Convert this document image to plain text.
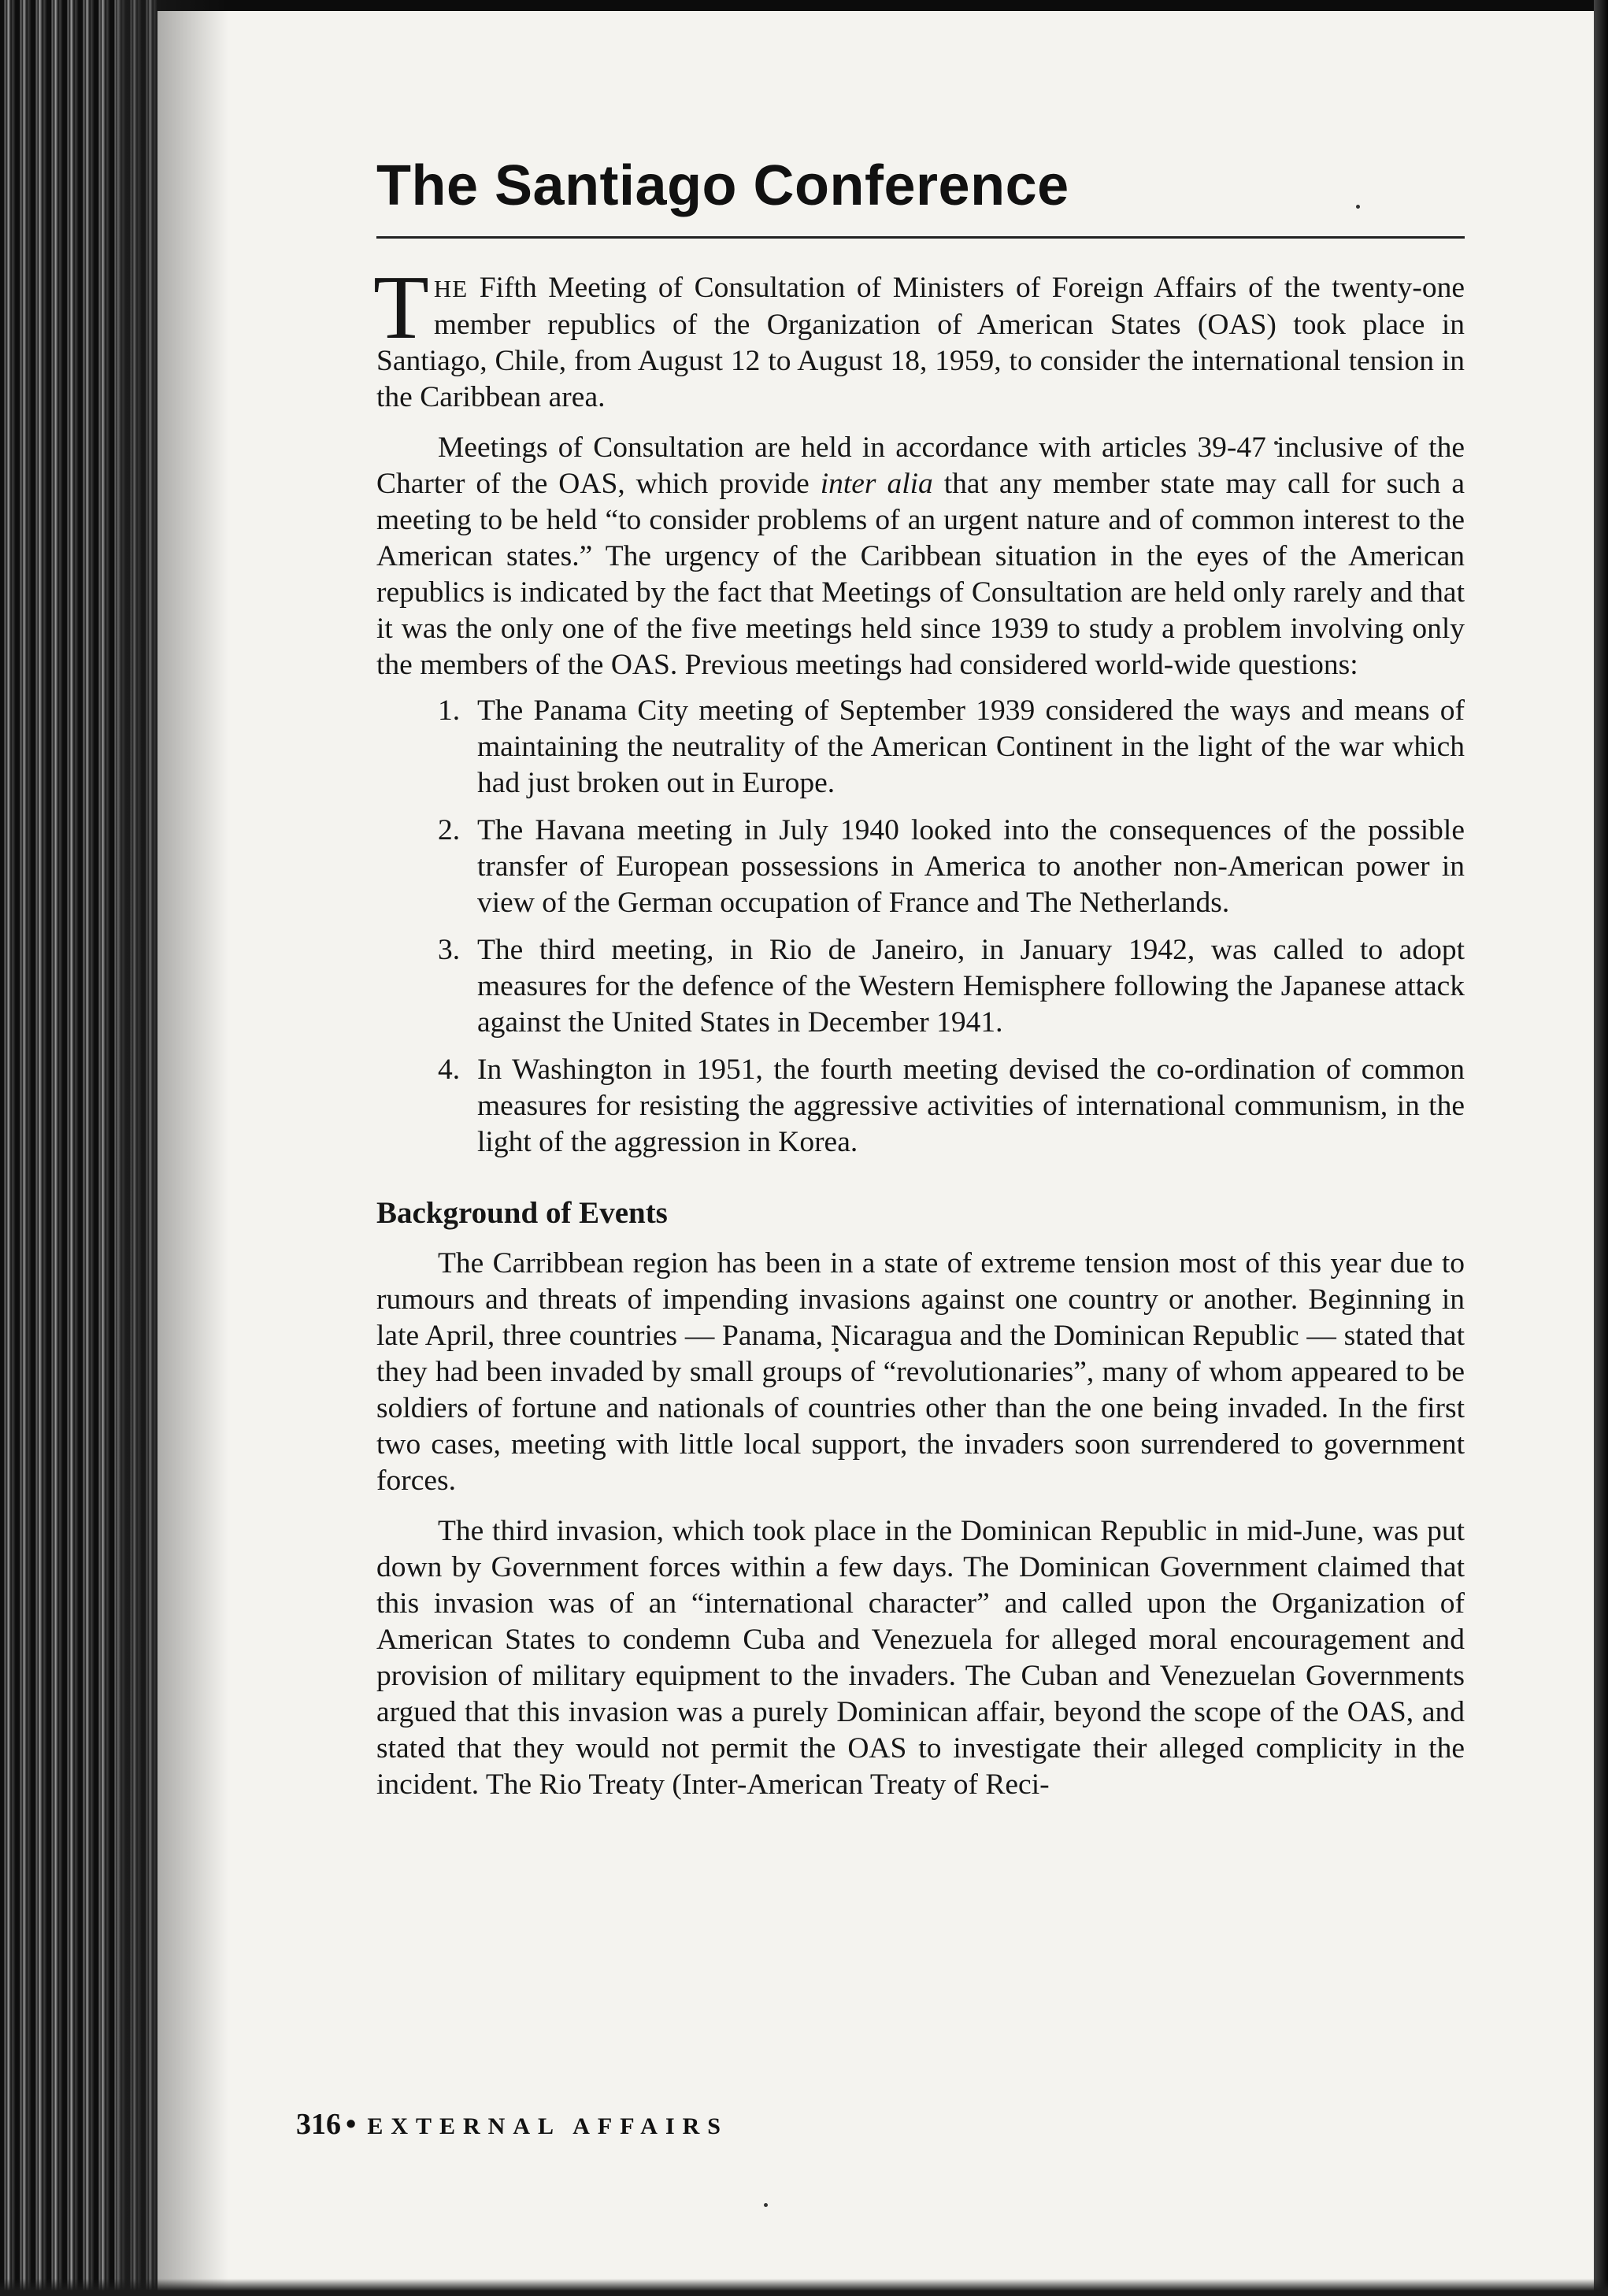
The Santiago Conference

THE Fifth Meeting of Consultation of Ministers of Foreign Affairs of the twenty-one member republics of the Organization of American States (OAS) took place in Santiago, Chile, from August 12 to August 18, 1959, to consider the international tension in the Caribbean area.

Meetings of Consultation are held in accordance with articles 39-47 inclusive of the Charter of the OAS, which provide inter alia that any member state may call for such a meeting to be held “to consider problems of an urgent nature and of common interest to the American states.” The urgency of the Caribbean situation in the eyes of the American republics is indicated by the fact that Meetings of Consultation are held only rarely and that it was the only one of the five meetings held since 1939 to study a problem involving only the members of the OAS. Previous meetings had considered world-wide questions:

1. The Panama City meeting of September 1939 considered the ways and means of maintaining the neutrality of the American Continent in the light of the war which had just broken out in Europe.
2. The Havana meeting in July 1940 looked into the consequences of the possible transfer of European possessions in America to another non-American power in view of the German occupation of France and The Netherlands.
3. The third meeting, in Rio de Janeiro, in January 1942, was called to adopt measures for the defence of the Western Hemisphere following the Japanese attack against the United States in December 1941.
4. In Washington in 1951, the fourth meeting devised the co-ordination of common measures for resisting the aggressive activities of international communism, in the light of the aggression in Korea.
Background of Events

The Carribbean region has been in a state of extreme tension most of this year due to rumours and threats of impending invasions against one country or another. Beginning in late April, three countries — Panama, Nicaragua and the Dominican Republic — stated that they had been invaded by small groups of “revolutionaries”, many of whom appeared to be soldiers of fortune and nationals of countries other than the one being invaded. In the first two cases, meeting with little local support, the invaders soon surrendered to government forces.

The third invasion, which took place in the Dominican Republic in mid-June, was put down by Government forces within a few days. The Dominican Government claimed that this invasion was of an “international character” and called upon the Organization of American States to condemn Cuba and Venezuela for alleged moral encouragement and provision of military equipment to the invaders. The Cuban and Venezuelan Governments argued that this invasion was a purely Dominican affair, beyond the scope of the OAS, and stated that they would not permit the OAS to investigate their alleged complicity in the incident. The Rio Treaty (Inter-American Treaty of Reci-

316 • EXTERNAL AFFAIRS
